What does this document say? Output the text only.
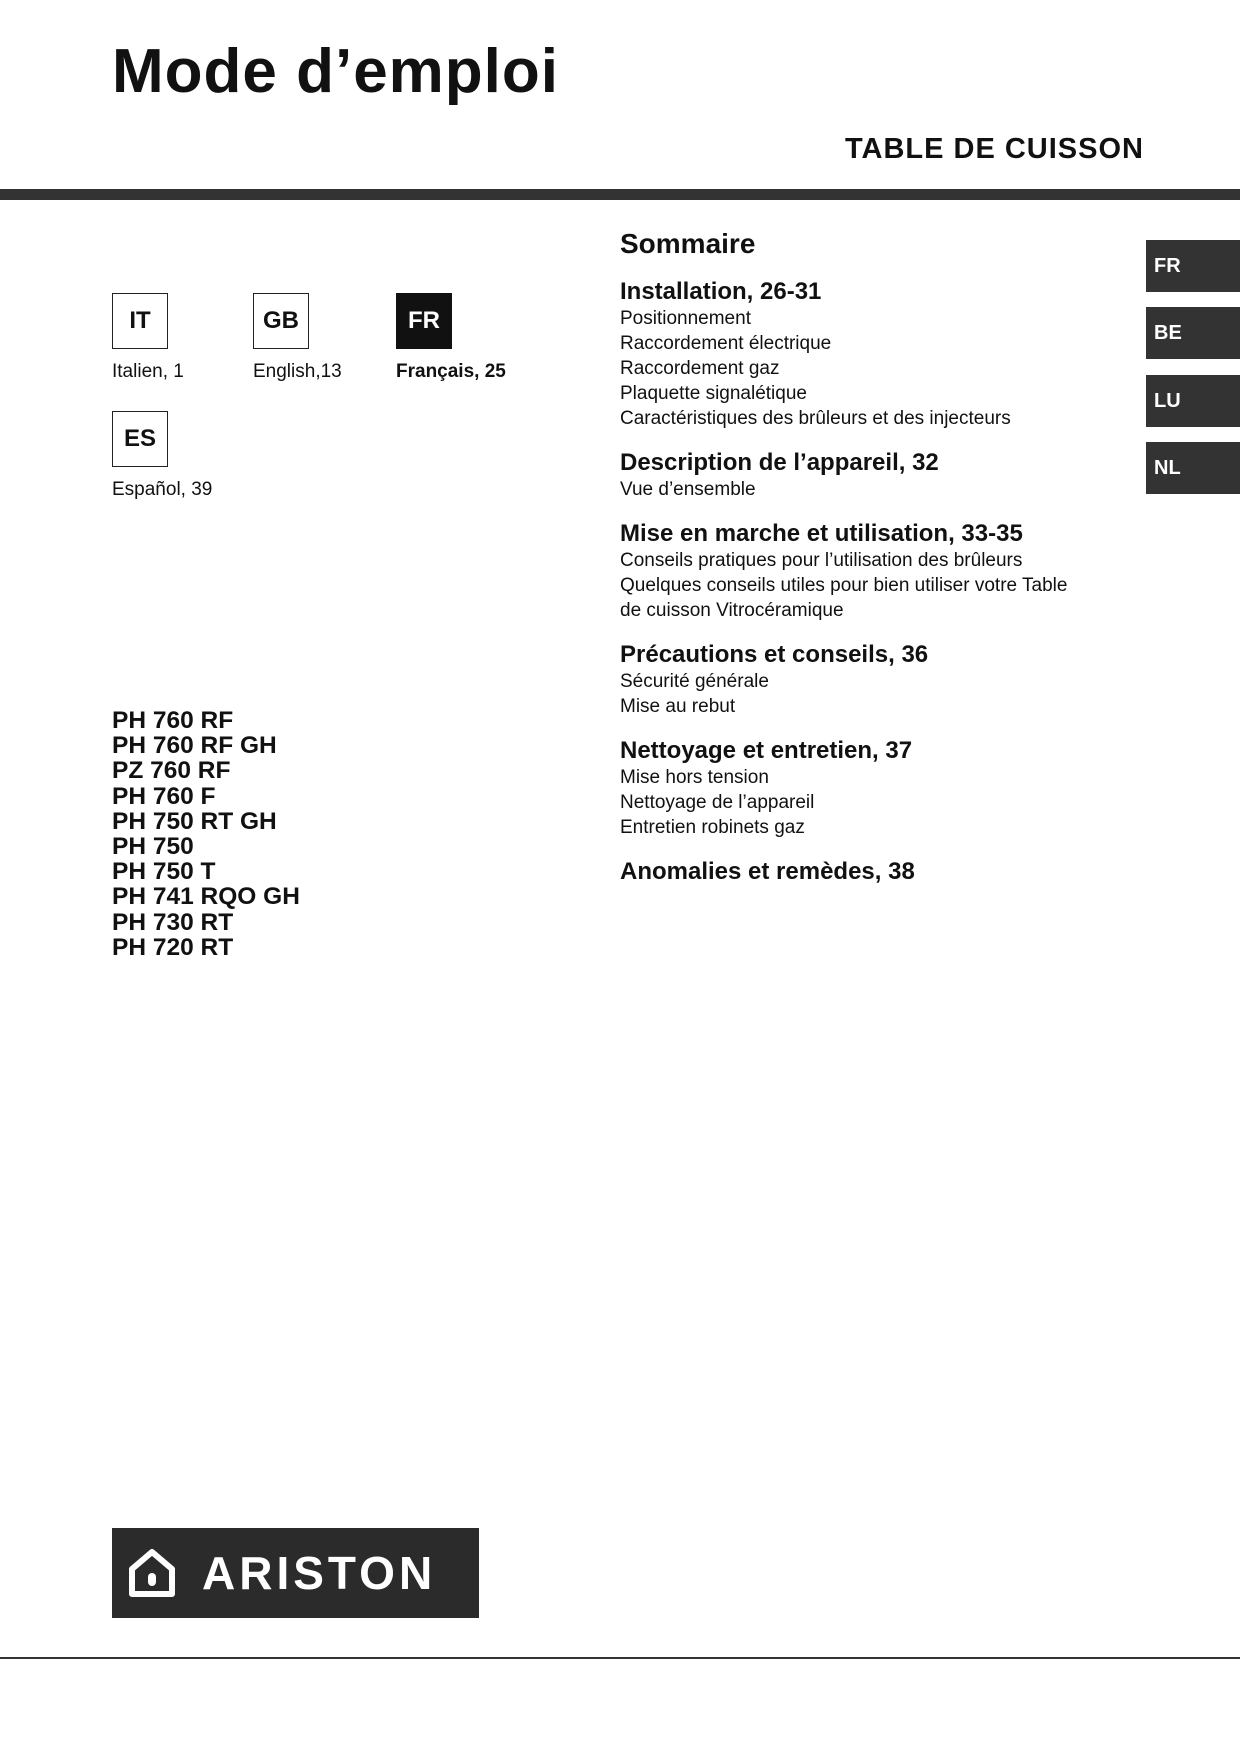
Mode d’emploi
TABLE DE CUISSON
IT
Italien, 1
GB
English,13
FR
Français, 25
ES
Español, 39
PH 760 RF
PH 760 RF GH
PZ 760 RF
PH 760 F
PH 750 RT GH
PH 750
PH 750 T
PH 741 RQO GH
PH 730 RT
PH 720 RT
Sommaire
Installation, 26-31
Positionnement
Raccordement électrique
Raccordement gaz
Plaquette signalétique
Caractéristiques des brûleurs et des injecteurs
Description de l’appareil, 32
Vue d’ensemble
Mise en marche et utilisation, 33-35
Conseils pratiques pour l’utilisation des brûleurs
Quelques conseils utiles pour bien utiliser votre Table
de cuisson Vitrocéramique
Précautions et conseils, 36
Sécurité générale
Mise au rebut
Nettoyage et entretien, 37
Mise hors tension
Nettoyage de l’appareil
Entretien robinets gaz
Anomalies et remèdes, 38
FR
BE
LU
NL
ARISTON
